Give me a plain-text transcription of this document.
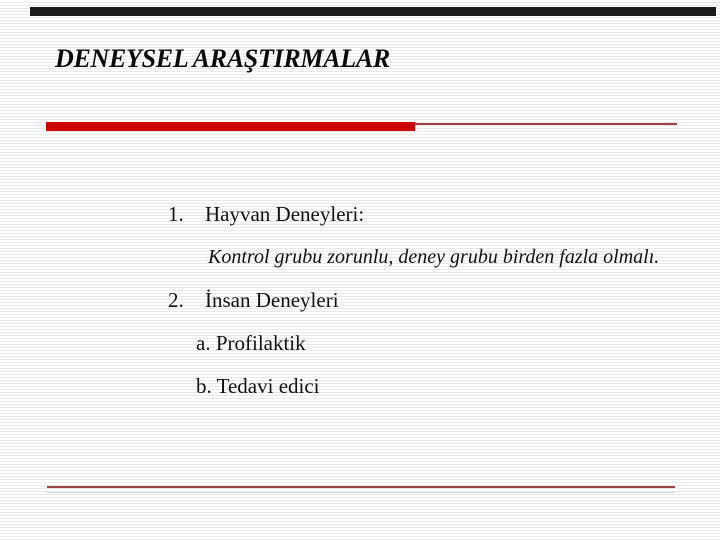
DENEYSEL ARAŞTIRMALAR
1.	Hayvan Deneyleri:
Kontrol grubu zorunlu, deney grubu birden fazla olmalı.
2.	İnsan Deneyleri
a. Profilaktik
b. Tedavi edici
